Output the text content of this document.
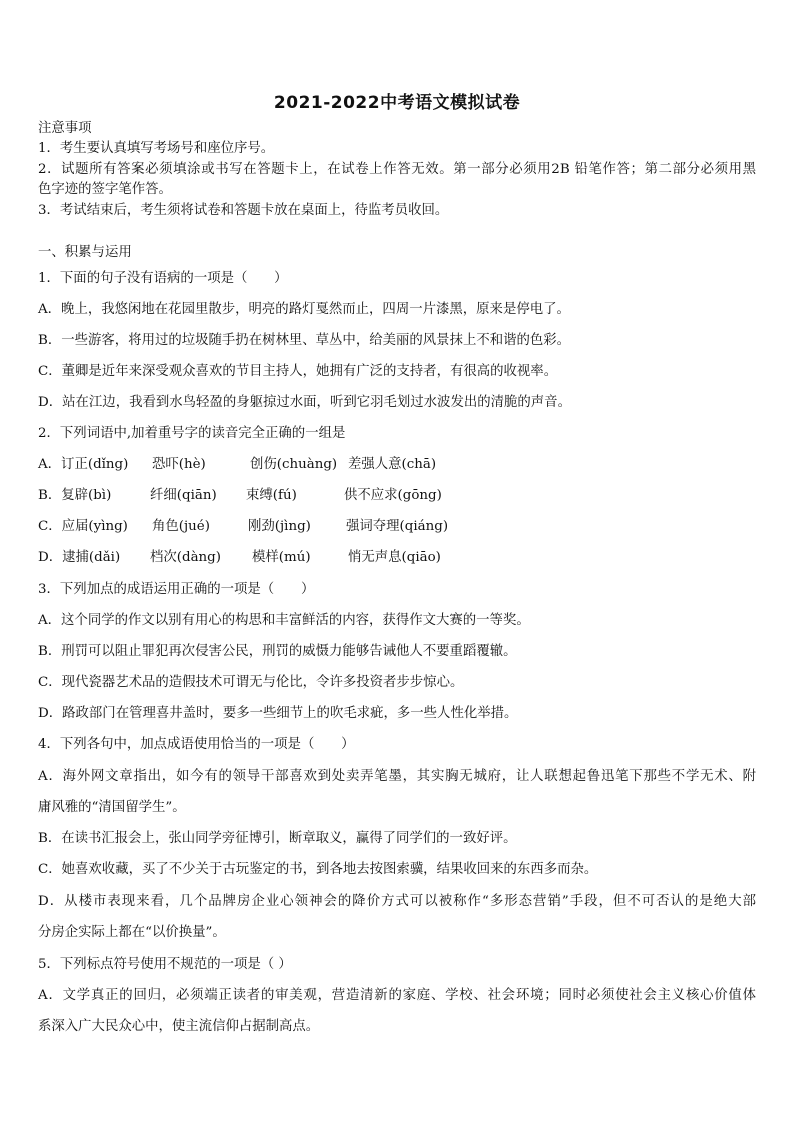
2021-2022中考语文模拟试卷
注意事项
1．考生要认真填写考场号和座位序号。
2．试题所有答案必须填涂或书写在答题卡上，在试卷上作答无效。第一部分必须用2B 铅笔作答；第二部分必须用黑
色字迹的签字笔作答。
3．考试结束后，考生须将试卷和答题卡放在桌面上，待监考员收回。
一、积累与运用
1．下面的句子没有语病的一项是（　　）
A．晚上，我悠闲地在花园里散步，明亮的路灯戛然而止，四周一片漆黑，原来是停电了。
B．一些游客，将用过的垃圾随手扔在树林里、草丛中，给美丽的风景抹上不和谐的色彩。
C．董卿是近年来深受观众喜欢的节目主持人，她拥有广泛的支持者，有很高的收视率。
D．站在江边，我看到水鸟轻盈的身躯掠过水面，听到它羽毛划过水波发出的清脆的声音。
2．下列词语中,加着重号字的读音完全正确的一组是
A．订正(dǐng) 恐吓(hè)	创伤(chuàng) 差强人意(chā)
B．复辟(bì)	纤细(qiān) 束缚(fú)	供不应求(gōng)
C．应届(yìng) 角色(jué)	刚劲(jìng)	强词夺理(qiáng)
D．逮捕(dǎi) 档次(dàng) 模样(mú)	悄无声息(qiāo)
3．下列加点的成语运用正确的一项是（　　）
A．这个同学的作文以别有用心的构思和丰富鲜活的内容，获得作文大赛的一等奖。
B．刑罚可以阻止罪犯再次侵害公民，刑罚的威慑力能够告诫他人不要重蹈覆辙。
C．现代瓷器艺术品的造假技术可谓无与伦比，令许多投资者步步惊心。
D．路政部门在管理喜井盖时，要多一些细节上的吹毛求疵，多一些人性化举措。
4．下列各句中，加点成语使用恰当的一项是（　　）
A．海外网文章指出，如今有的领导干部喜欢到处卖弄笔墨，其实胸无城府，让人联想起鲁迅笔下那些不学无术、附
庸风雅的“清国留学生”。
B．在读书汇报会上，张山同学旁征博引，断章取义，赢得了同学们的一致好评。
C．她喜欢收藏，买了不少关于古玩鉴定的书，到各地去按图索骥，结果收回来的东西多而杂。
D．从楼市表现来看，几个品牌房企业心领神会的降价方式可以被称作“多形态营销”手段，但不可否认的是绝大部
分房企实际上都在“以价换量”。
5．下列标点符号使用不规范的一项是（ ）
A．文学真正的回归，必须端正读者的审美观，营造清新的家庭、学校、社会环境；同时必须使社会主义核心价值体
系深入广大民众心中，使主流信仰占据制高点。
